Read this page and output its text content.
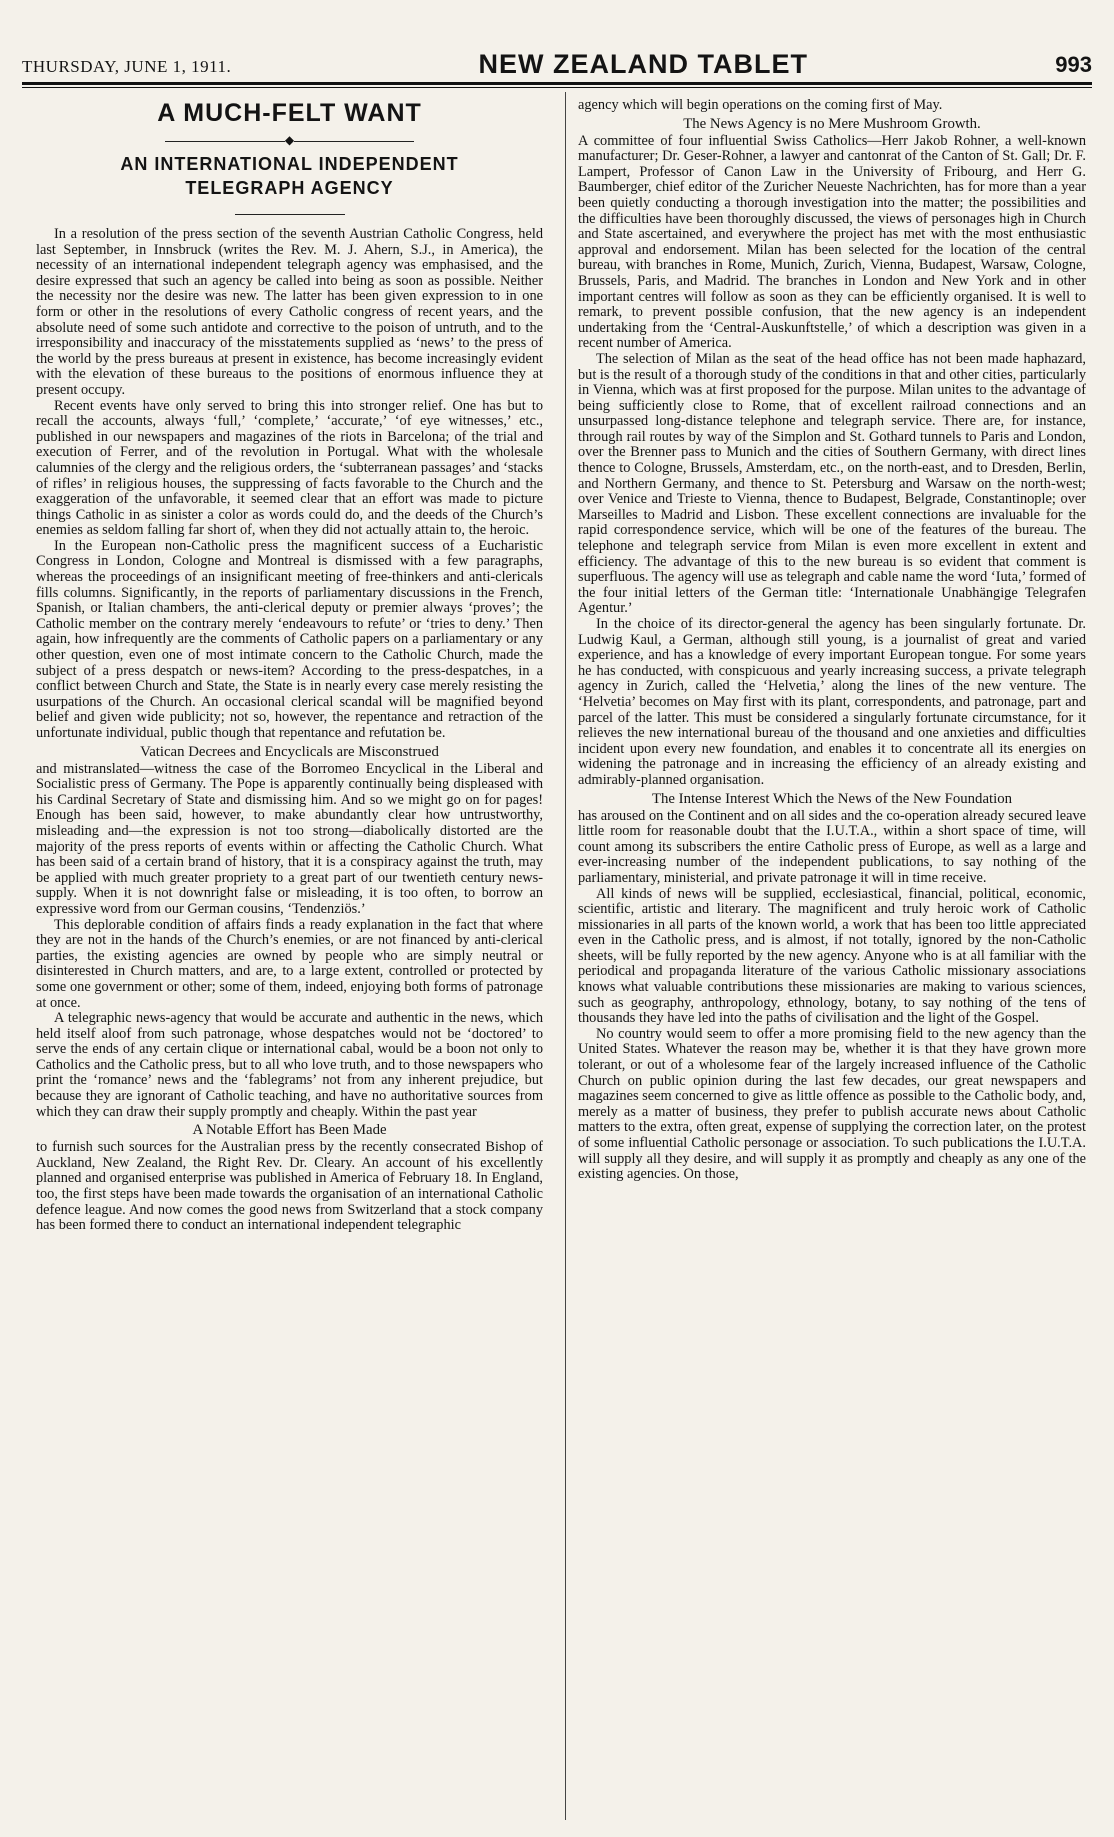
THURSDAY, JUNE 1, 1911.	NEW ZEALAND TABLET	993
A MUCH-FELT WANT
◆
AN INTERNATIONAL INDEPENDENT
TELEGRAPH AGENCY

In a resolution of the press section of the seventh Austrian Catholic Congress, held last September, in Innsbruck (writes the Rev. M. J. Ahern, S.J., in America), the necessity of an international independent telegraph agency was emphasised, and the desire expressed that such an agency be called into being as soon as possible. Neither the necessity nor the desire was new. The latter has been given expression to in one form or other in the resolutions of every Catholic congress of recent years, and the absolute need of some such antidote and corrective to the poison of untruth, and to the irresponsibility and inaccuracy of the misstatements supplied as ‘news’ to the press of the world by the press bureaus at present in existence, has become increasingly evident with the elevation of these bureaus to the positions of enormous influence they at present occupy.

Recent events have only served to bring this into stronger relief. One has but to recall the accounts, always ‘full,’ ‘complete,’ ‘accurate,’ ‘of eye witnesses,’ etc., published in our newspapers and magazines of the riots in Barcelona; of the trial and execution of Ferrer, and of the revolution in Portugal. What with the wholesale calumnies of the clergy and the religious orders, the ‘subterranean passages’ and ‘stacks of rifles’ in religious houses, the suppressing of facts favorable to the Church and the exaggeration of the unfavorable, it seemed clear that an effort was made to picture things Catholic in as sinister a color as words could do, and the deeds of the Church’s enemies as seldom falling far short of, when they did not actually attain to, the heroic.

In the European non-Catholic press the magnificent success of a Eucharistic Congress in London, Cologne and Montreal is dismissed with a few paragraphs, whereas the proceedings of an insignificant meeting of free-thinkers and anti-clericals fills columns. Significantly, in the reports of parliamentary discussions in the French, Spanish, or Italian chambers, the anti-clerical deputy or premier always ‘proves’; the Catholic member on the contrary merely ‘endeavours to refute’ or ‘tries to deny.’ Then again, how infrequently are the comments of Catholic papers on a parliamentary or any other question, even one of most intimate concern to the Catholic Church, made the subject of a press despatch or news-item? According to the press-despatches, in a conflict between Church and State, the State is in nearly every case merely resisting the usurpations of the Church. An occasional clerical scandal will be magnified beyond belief and given wide publicity; not so, however, the repentance and retraction of the unfortunate individual, public though that repentance and refutation be.

Vatican Decrees and Encyclicals are Misconstrued

and mistranslated—witness the case of the Borromeo Encyclical in the Liberal and Socialistic press of Germany. The Pope is apparently continually being displeased with his Cardinal Secretary of State and dismissing him. And so we might go on for pages! Enough has been said, however, to make abundantly clear how untrustworthy, misleading and—the expression is not too strong—diabolically distorted are the majority of the press reports of events within or affecting the Catholic Church. What has been said of a certain brand of history, that it is a conspiracy against the truth, may be applied with much greater propriety to a great part of our twentieth century news-supply. When it is not downright false or misleading, it is too often, to borrow an expressive word from our German cousins, ‘Tendenziös.’

This deplorable condition of affairs finds a ready explanation in the fact that where they are not in the hands of the Church’s enemies, or are not financed by anti-clerical parties, the existing agencies are owned by people who are simply neutral or disinterested in Church matters, and are, to a large extent, controlled or protected by some one government or other; some of them, indeed, enjoying both forms of patronage at once.

A telegraphic news-agency that would be accurate and authentic in the news, which held itself aloof from such patronage, whose despatches would not be ‘doctored’ to serve the ends of any certain clique or international cabal, would be a boon not only to Catholics and the Catholic press, but to all who love truth, and to those newspapers who print the ‘romance’ news and the ‘fablegrams’ not from any inherent prejudice, but because they are ignorant of Catholic teaching, and have no authoritative sources from which they can draw their supply promptly and cheaply. Within the past year

A Notable Effort has Been Made

to furnish such sources for the Australian press by the recently consecrated Bishop of Auckland, New Zealand, the Right Rev. Dr. Cleary. An account of his excellently planned and organised enterprise was published in America of February 18. In England, too, the first steps have been made towards the organisation of an international Catholic defence league. And now comes the good news from Switzerland that a stock company has been formed there to conduct an international independent telegraphic

agency which will begin operations on the coming first of May.

The News Agency is no Mere Mushroom Growth.

A committee of four influential Swiss Catholics—Herr Jakob Rohner, a well-known manufacturer; Dr. Geser-Rohner, a lawyer and cantonrat of the Canton of St. Gall; Dr. F. Lampert, Professor of Canon Law in the University of Fribourg, and Herr G. Baumberger, chief editor of the Zuricher Neueste Nachrichten, has for more than a year been quietly conducting a thorough investigation into the matter; the possibilities and the difficulties have been thoroughly discussed, the views of personages high in Church and State ascertained, and everywhere the project has met with the most enthusiastic approval and endorsement. Milan has been selected for the location of the central bureau, with branches in Rome, Munich, Zurich, Vienna, Budapest, Warsaw, Cologne, Brussels, Paris, and Madrid. The branches in London and New York and in other important centres will follow as soon as they can be efficiently organised. It is well to remark, to prevent possible confusion, that the new agency is an independent undertaking from the ‘Central-Auskunftstelle,’ of which a description was given in a recent number of America.

The selection of Milan as the seat of the head office has not been made haphazard, but is the result of a thorough study of the conditions in that and other cities, particularly in Vienna, which was at first proposed for the purpose. Milan unites to the advantage of being sufficiently close to Rome, that of excellent railroad connections and an unsurpassed long-distance telephone and telegraph service. There are, for instance, through rail routes by way of the Simplon and St. Gothard tunnels to Paris and London, over the Brenner pass to Munich and the cities of Southern Germany, with direct lines thence to Cologne, Brussels, Amsterdam, etc., on the north-east, and to Dresden, Berlin, and Northern Germany, and thence to St. Petersburg and Warsaw on the north-west; over Venice and Trieste to Vienna, thence to Budapest, Belgrade, Constantinople; over Marseilles to Madrid and Lisbon. These excellent connections are invaluable for the rapid correspondence service, which will be one of the features of the bureau. The telephone and telegraph service from Milan is even more excellent in extent and efficiency. The advantage of this to the new bureau is so evident that comment is superfluous. The agency will use as telegraph and cable name the word ‘Iuta,’ formed of the four initial letters of the German title: ‘Internationale Unabhängige Telegrafen Agentur.’

In the choice of its director-general the agency has been singularly fortunate. Dr. Ludwig Kaul, a German, although still young, is a journalist of great and varied experience, and has a knowledge of every important European tongue. For some years he has conducted, with conspicuous and yearly increasing success, a private telegraph agency in Zurich, called the ‘Helvetia,’ along the lines of the new venture. The ‘Helvetia’ becomes on May first with its plant, correspondents, and patronage, part and parcel of the latter. This must be considered a singularly fortunate circumstance, for it relieves the new international bureau of the thousand and one anxieties and difficulties incident upon every new foundation, and enables it to concentrate all its energies on widening the patronage and in increasing the efficiency of an already existing and admirably-planned organisation.

The Intense Interest Which the News of the New Foundation

has aroused on the Continent and on all sides and the co-operation already secured leave little room for reasonable doubt that the I.U.T.A., within a short space of time, will count among its subscribers the entire Catholic press of Europe, as well as a large and ever-increasing number of the independent publications, to say nothing of the parliamentary, ministerial, and private patronage it will in time receive.

All kinds of news will be supplied, ecclesiastical, financial, political, economic, scientific, artistic and literary. The magnificent and truly heroic work of Catholic missionaries in all parts of the known world, a work that has been too little appreciated even in the Catholic press, and is almost, if not totally, ignored by the non-Catholic sheets, will be fully reported by the new agency. Anyone who is at all familiar with the periodical and propaganda literature of the various Catholic missionary associations knows what valuable contributions these missionaries are making to various sciences, such as geography, anthropology, ethnology, botany, to say nothing of the tens of thousands they have led into the paths of civilisation and the light of the Gospel.

No country would seem to offer a more promising field to the new agency than the United States. Whatever the reason may be, whether it is that they have grown more tolerant, or out of a wholesome fear of the largely increased influence of the Catholic Church on public opinion during the last few decades, our great newspapers and magazines seem concerned to give as little offence as possible to the Catholic body, and, merely as a matter of business, they prefer to publish accurate news about Catholic matters to the extra, often great, expense of supplying the correction later, on the protest of some influential Catholic personage or association. To such publications the I.U.T.A. will supply all they desire, and will supply it as promptly and cheaply as any one of the existing agencies. On those,
